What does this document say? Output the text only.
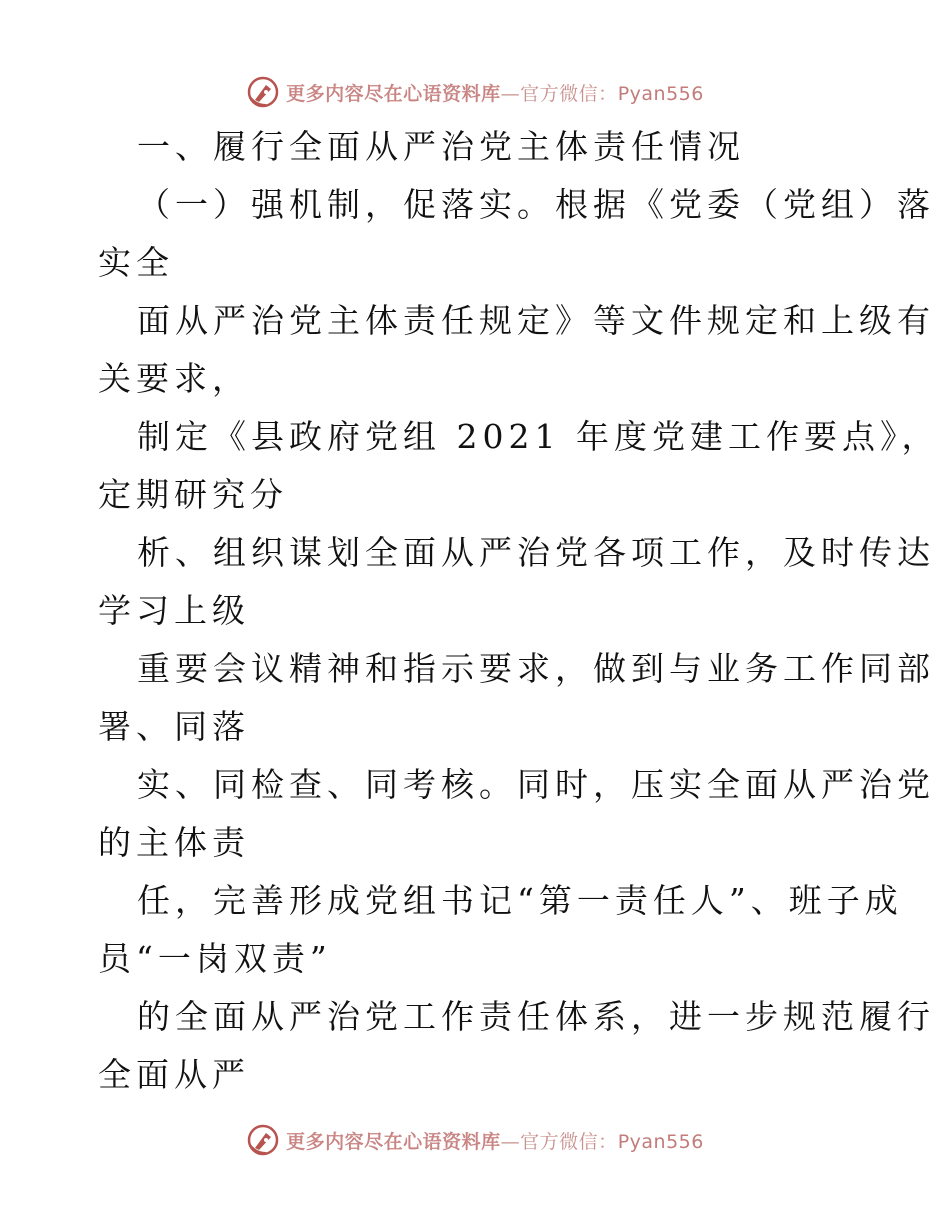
更多内容尽在心语资料库—官方微信：Pyan556
一、履行全面从严治党主体责任情况
（一）强机制，促落实。根据《党委（党组）落
实全
面从严治党主体责任规定》等文件规定和上级有
关要求，
制定《县政府党组 2021 年度党建工作要点》，
定期研究分
析、组织谋划全面从严治党各项工作，及时传达
学习上级
重要会议精神和指示要求，做到与业务工作同部
署、同落
实、同检查、同考核。同时，压实全面从严治党
的主体责
任，完善形成党组书记“第一责任人”、班子成
员“一岗双责”
的全面从严治党工作责任体系，进一步规范履行
全面从严
更多内容尽在心语资料库—官方微信：Pyan556
